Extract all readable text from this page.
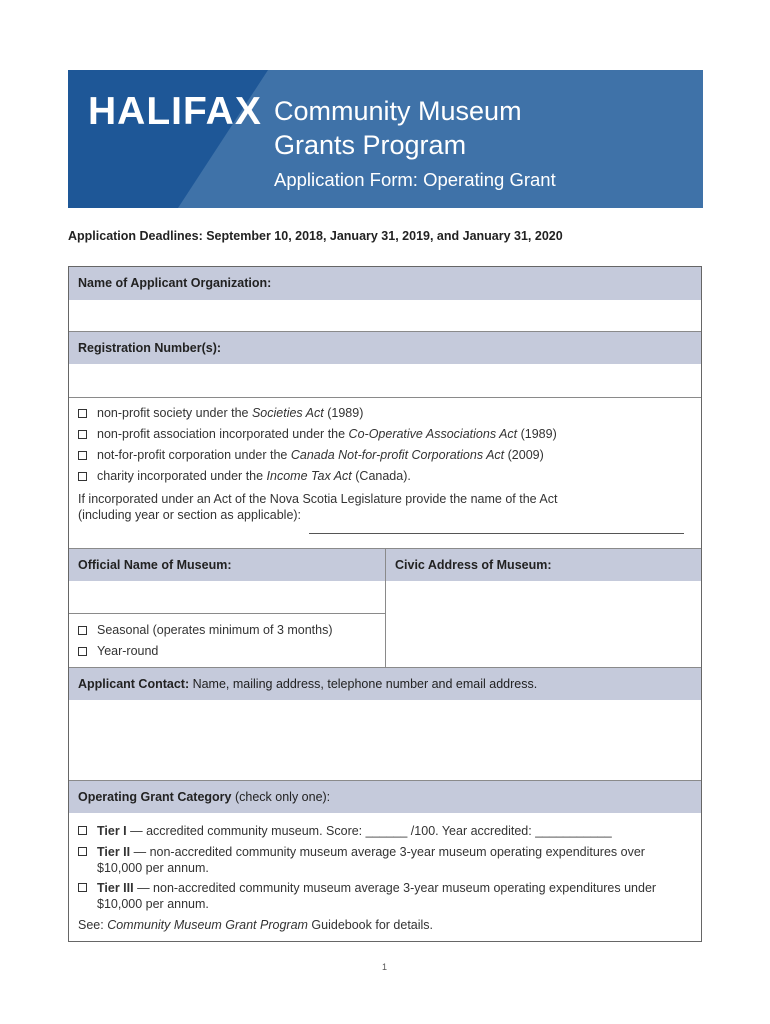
HALIFAX Community Museum
Grants Program
Application Form: Operating Grant
Application Deadlines: September 10, 2018, January 31, 2019, and January 31, 2020
Name of Applicant Organization:
Registration Number(s):
non-profit society under the Societies Act (1989)
non-profit association incorporated under the Co-Operative Associations Act (1989)
not-for-profit corporation under the Canada Not-for-profit Corporations Act (2009)
charity incorporated under the Income Tax Act (Canada).
If incorporated under an Act of the Nova Scotia Legislature provide the name of the Act
(including year or section as applicable):
Official Name of Museum:	Civic Address of Museum:
Seasonal (operates minimum of 3 months)
Year-round
Applicant Contact: Name, mailing address, telephone number and email address.
Operating Grant Category (check only one):
Tier I — accredited community museum. Score: ______ /100. Year accredited: ___________
Tier II — non-accredited community museum average 3-year museum operating expenditures over
$10,000 per annum.
Tier III — non-accredited community museum average 3-year museum operating expenditures under
$10,000 per annum.
See: Community Museum Grant Program Guidebook for details.
1
